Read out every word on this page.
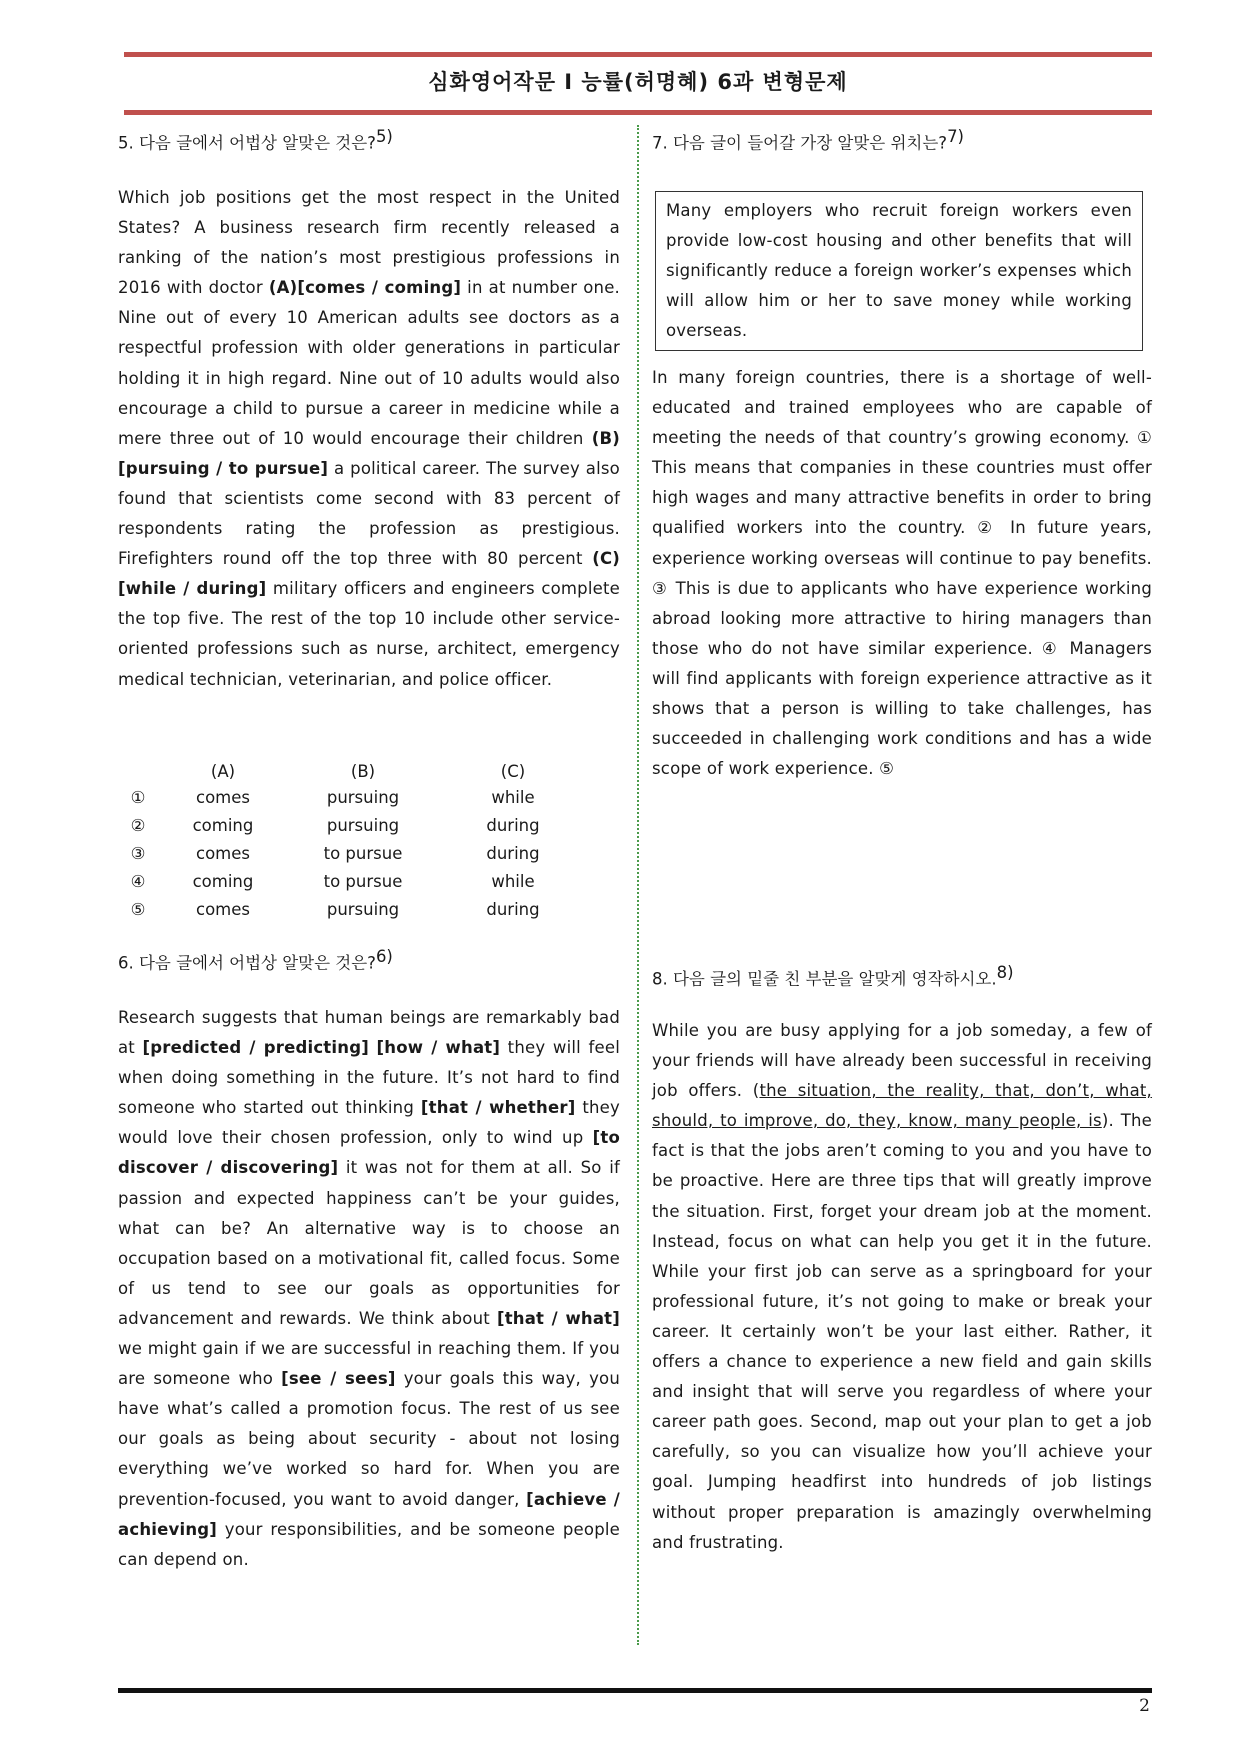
심화영어작문 I 능률(허명혜) 6과 변형문제
5. 다음 글에서 어법상 알맞은 것은?$^{5)}$

Which job positions get the most respect in the United States? A business research firm recently released a ranking of the nation’s most prestigious professions in 2016 with doctor (A)[comes / coming] in at number one. Nine out of every 10 American adults see doctors as a respectful profession with older generations in particular holding it in high regard. Nine out of 10 adults would also encourage a child to pursue a career in medicine while a mere three out of 10 would encourage their children (B)[pursuing / to pursue] a political career. The survey also found that scientists come second with 83 percent of respondents rating the profession as prestigious. Firefighters round off the top three with 80 percent (C)[while / during] military officers and engineers complete the top five. The rest of the top 10 include other service-oriented professions such as nurse, architect, emergency medical technician, veterinarian, and police officer.

	(A)	(B)	(C)
①	comes	pursuing	while
②	coming	pursuing	during
③	comes	to pursue	during
④	coming	to pursue	while
⑤	comes	pursuing	during
6. 다음 글에서 어법상 알맞은 것은?$^{6)}$

Research suggests that human beings are remarkably bad at [predicted / predicting] [how / what] they will feel when doing something in the future. It’s not hard to find someone who started out thinking [that / whether] they would love their chosen profession, only to wind up [to discover / discovering] it was not for them at all. So if passion and expected happiness can’t be your guides, what can be? An alternative way is to choose an occupation based on a motivational fit, called focus. Some of us tend to see our goals as opportunities for advancement and rewards. We think about [that / what] we might gain if we are successful in reaching them. If you are someone who [see / sees] your goals this way, you have what’s called a promotion focus. The rest of us see our goals as being about security - about not losing everything we’ve worked so hard for. When you are prevention-focused, you want to avoid danger, [achieve / achieving] your responsibilities, and be someone people can depend on.

7. 다음 글이 들어갈 가장 알맞은 위치는?$^{7)}$

Many employers who recruit foreign workers even provide low-cost housing and other benefits that will significantly reduce a foreign worker’s expenses which will allow him or her to save money while working overseas.

In many foreign countries, there is a shortage of well-educated and trained employees who are capable of meeting the needs of that country’s growing economy. ① This means that companies in these countries must offer high wages and many attractive benefits in order to bring qualified workers into the country. ② In future years, experience working overseas will continue to pay benefits. ③ This is due to applicants who have experience working abroad looking more attractive to hiring managers than those who do not have similar experience. ④ Managers will find applicants with foreign experience attractive as it shows that a person is willing to take challenges, has succeeded in challenging work conditions and has a wide scope of work experience. ⑤

8. 다음 글의 밑줄 친 부분을 알맞게 영작하시오.$^{8)}$

While you are busy applying for a job someday, a few of your friends will have already been successful in receiving job offers. (the situation, the reality, that, don’t, what, should, to improve, do, they, know, many people, is). The fact is that the jobs aren’t coming to you and you have to be proactive. Here are three tips that will greatly improve the situation. First, forget your dream job at the moment. Instead, focus on what can help you get it in the future. While your first job can serve as a springboard for your professional future, it’s not going to make or break your career. It certainly won’t be your last either. Rather, it offers a chance to experience a new field and gain skills and insight that will serve you regardless of where your career path goes. Second, map out your plan to get a job carefully, so you can visualize how you’ll achieve your goal. Jumping headfirst into hundreds of job listings without proper preparation is amazingly overwhelming and frustrating.

2
